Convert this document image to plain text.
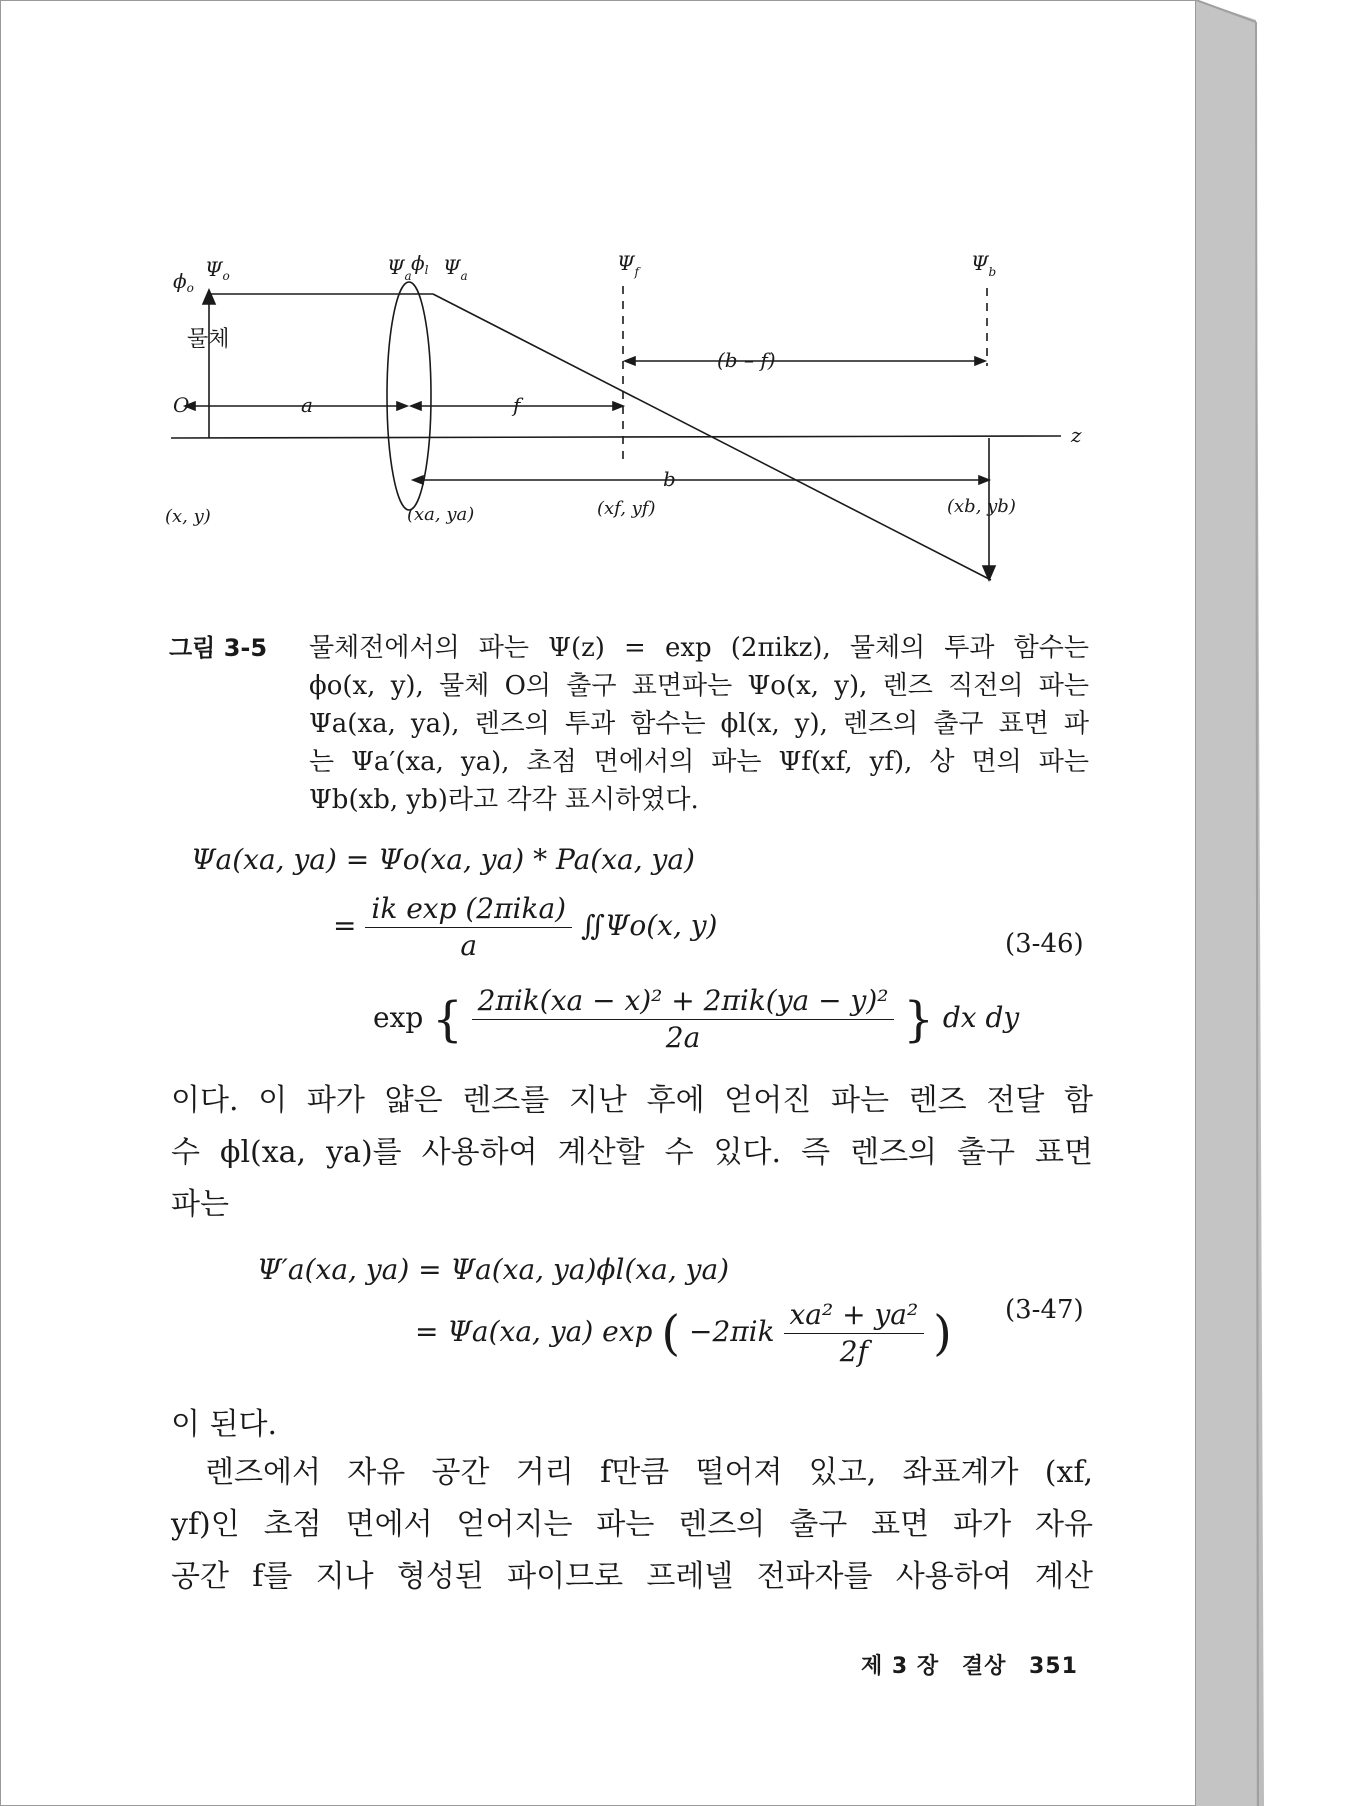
$\phi_o$
$\Psi_o$	$\Psi_a$
$\phi_l$ $\Psi_a$
$\Psi_f$	$\Psi_b$
O	a	f
(b – f)
b
z
(x, y)	(xa, ya)	(xf, yf)	(xb, yb)
물체
그림 3-5 물체전에서의 파는 Ψ(z) = exp (2πikz), 물체의 투과 함수는
ϕo(x, y), 물체 O의 출구 표면파는 Ψo(x, y), 렌즈 직전의 파는
Ψa(xa, ya), 렌즈의 투과 함수는 ϕl(x, y), 렌즈의 출구 표면 파
는 Ψa′(xa, ya), 초점 면에서의 파는 Ψf(xf, yf), 상 면의 파는
Ψb(xb, yb)라고 각각 표시하였다.
Ψa(xa, ya) = Ψo(xa, ya) * Pa(xa, ya)
= $\frac{\text{ik exp (2πika)}}{a}$ ∬Ψo(x, y)
(3-46)
exp { $\frac{\text{2πik(xa − x)² + 2πik(ya − y)²}}{2a}$ } dx dy
이다. 이 파가 얇은 렌즈를 지난 후에 얻어진 파는 렌즈 전달 함
수 ϕl(xa, ya)를 사용하여 계산할 수 있다. 즉 렌즈의 출구 표면
파는
Ψ′a(xa, ya) = Ψa(xa, ya)ϕl(xa, ya)
= Ψa(xa, ya) exp ( $-2\pi ik \frac{\text{xa² + ya²}}{2f}$ ) (3-47)
이 된다.
렌즈에서 자유 공간 거리 f만큼 떨어져 있고, 좌표계가 (xf,
yf)인 초점 면에서 얻어지는 파는 렌즈의 출구 표면 파가 자유
공간 f를 지나 형성된 파이므로 프레넬 전파자를 사용하여 계산
제 3 장 결상 351
